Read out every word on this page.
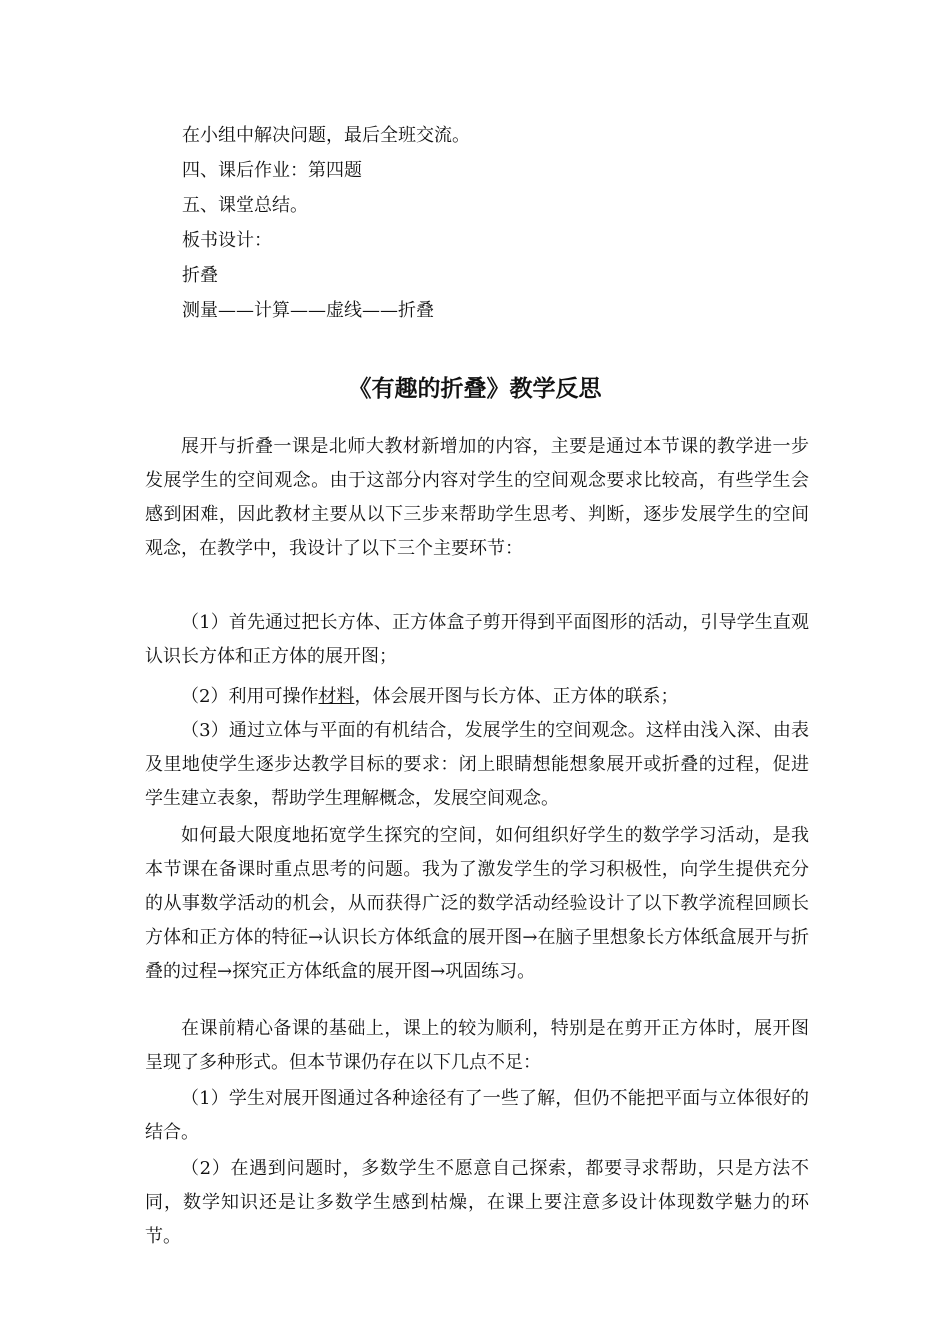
在小组中解决问题，最后全班交流。
四、课后作业：第四题
五、课堂总结。
板书设计：
折叠
测量——计算——虚线——折叠
《有趣的折叠》教学反思
展开与折叠一课是北师大教材新增加的内容，主要是通过本节课的教学进一步发展学生的空间观念。由于这部分内容对学生的空间观念要求比较高，有些学生会感到困难，因此教材主要从以下三步来帮助学生思考、判断，逐步发展学生的空间观念，在教学中，我设计了以下三个主要环节：
（1）首先通过把长方体、正方体盒子剪开得到平面图形的活动，引导学生直观认识长方体和正方体的展开图；
（2）利用可操作材料，体会展开图与长方体、正方体的联系；
（3）通过立体与平面的有机结合，发展学生的空间观念。这样由浅入深、由表及里地使学生逐步达教学目标的要求：闭上眼睛想能想象展开或折叠的过程，促进学生建立表象，帮助学生理解概念，发展空间观念。
如何最大限度地拓宽学生探究的空间，如何组织好学生的数学学习活动，是我本节课在备课时重点思考的问题。我为了激发学生的学习积极性，向学生提供充分的从事数学活动的机会，从而获得广泛的数学活动经验设计了以下教学流程回顾长方体和正方体的特征→认识长方体纸盒的展开图→在脑子里想象长方体纸盒展开与折叠的过程→探究正方体纸盒的展开图→巩固练习。
在课前精心备课的基础上，课上的较为顺利，特别是在剪开正方体时，展开图呈现了多种形式。但本节课仍存在以下几点不足：
（1）学生对展开图通过各种途径有了一些了解，但仍不能把平面与立体很好的结合。
（2）在遇到问题时，多数学生不愿意自己探索，都要寻求帮助，只是方法不同，数学知识还是让多数学生感到枯燥，在课上要注意多设计体现数学魅力的环节。
